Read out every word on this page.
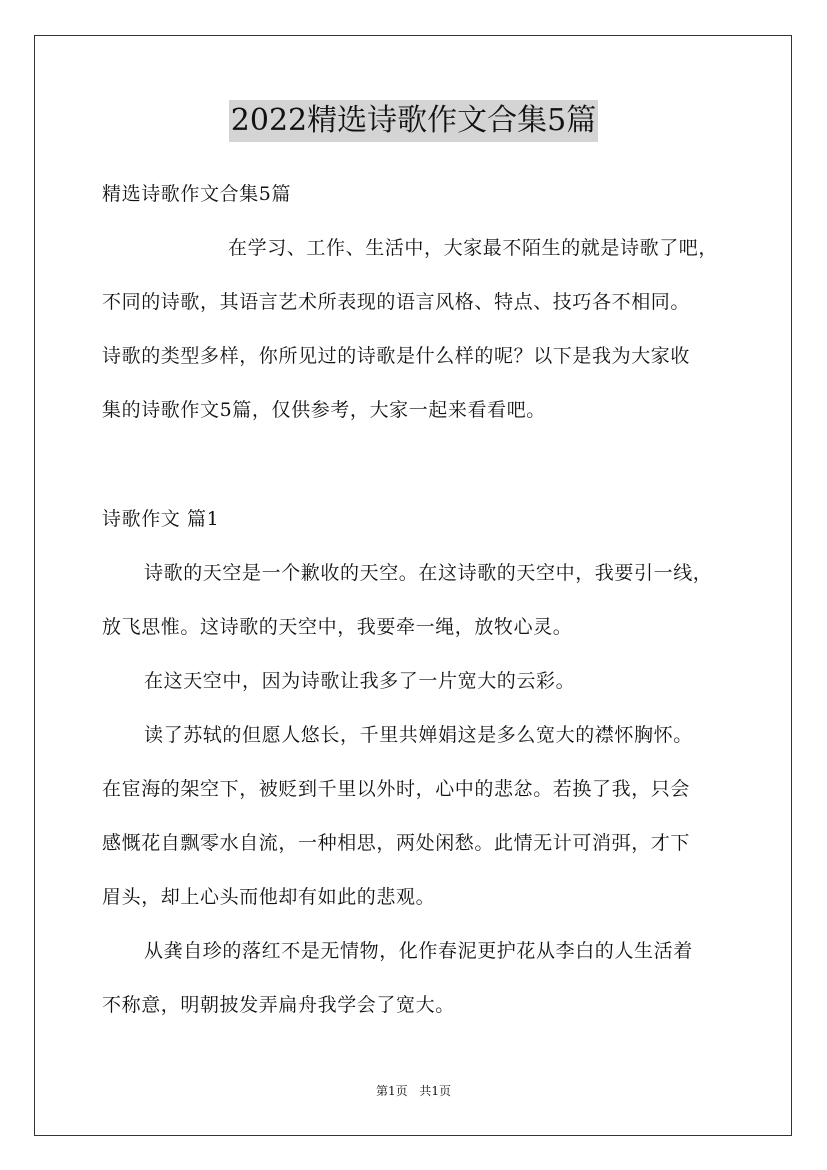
2022精选诗歌作文合集5篇
精选诗歌作文合集5篇
在学习、工作、生活中，大家最不陌生的就是诗歌了吧，
不同的诗歌，其语言艺术所表现的语言风格、特点、技巧各不相同。
诗歌的类型多样，你所见过的诗歌是什么样的呢？以下是我为大家收
集的诗歌作文5篇，仅供参考，大家一起来看看吧。
诗歌作文 篇1
诗歌的天空是一个歉收的天空。在这诗歌的天空中，我要引一线，
放飞思惟。这诗歌的天空中，我要牵一绳，放牧心灵。
在这天空中，因为诗歌让我多了一片宽大的云彩。
读了苏轼的但愿人悠长，千里共婵娟这是多么宽大的襟怀胸怀。
在宦海的架空下，被贬到千里以外时，心中的悲忿。若换了我，只会
感慨花自飘零水自流，一种相思，两处闲愁。此情无计可消弭，才下
眉头，却上心头而他却有如此的悲观。
从龚自珍的落红不是无情物，化作春泥更护花从李白的人生活着
不称意，明朝披发弄扁舟我学会了宽大。
第1页 共1页
